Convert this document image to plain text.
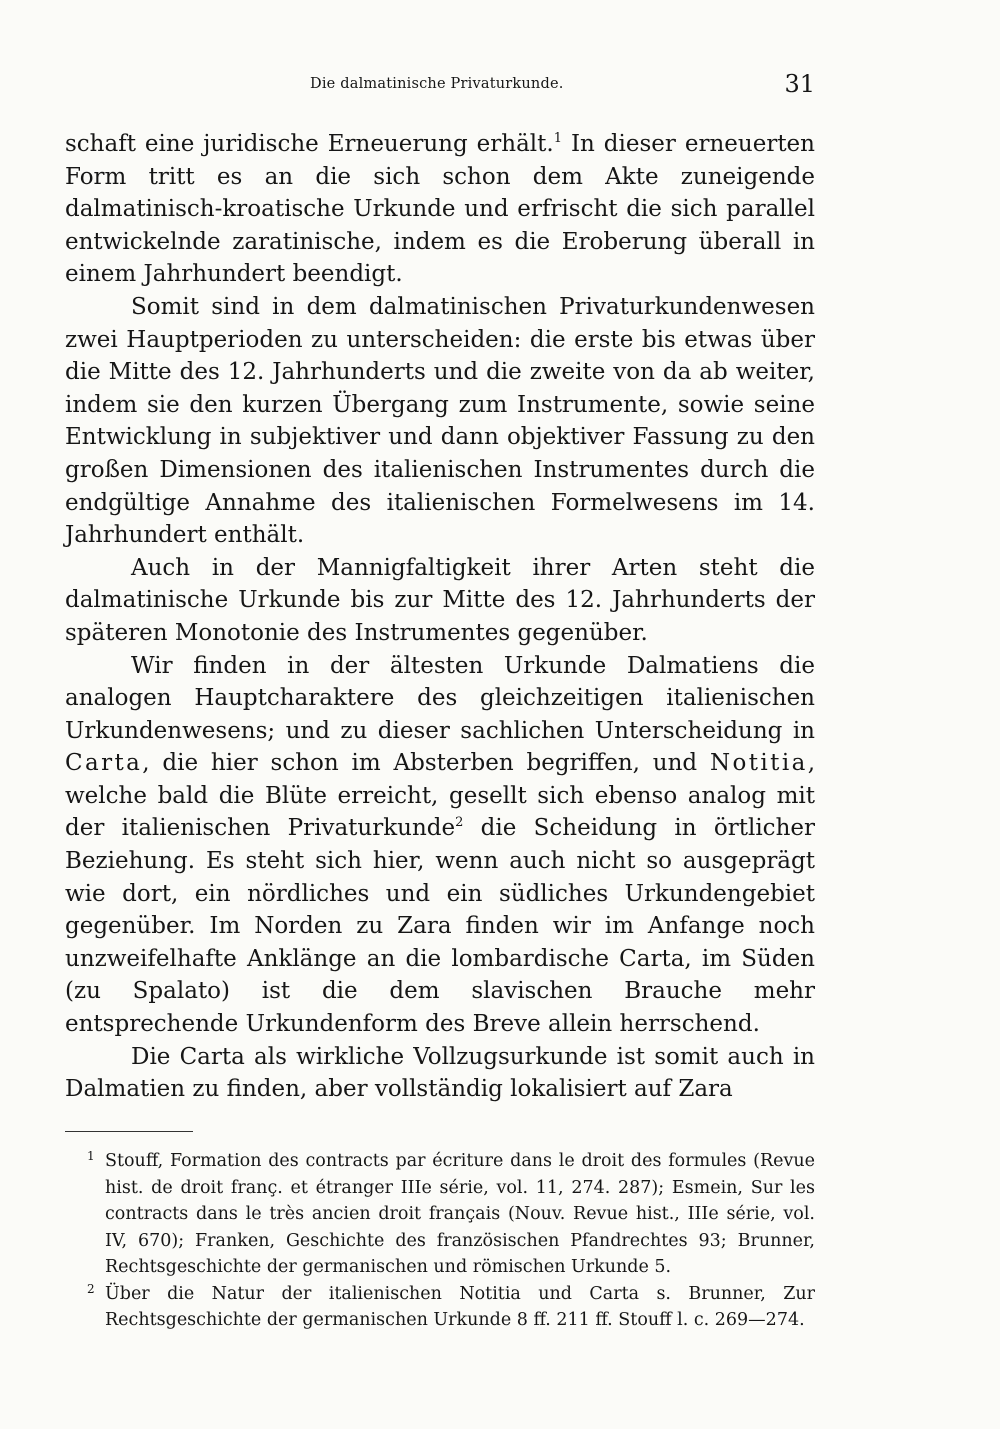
Die dalmatinische Privaturkunde.	31

schaft eine juridische Erneuerung erhält.$^1$ In dieser erneuerten Form tritt es an die sich schon dem Akte zuneigende dalmatinisch-kroatische Urkunde und erfrischt die sich parallel entwickelnde zaratinische, indem es die Eroberung überall in einem Jahrhundert beendigt.

Somit sind in dem dalmatinischen Privaturkundenwesen zwei Hauptperioden zu unterscheiden: die erste bis etwas über die Mitte des 12. Jahrhunderts und die zweite von da ab weiter, indem sie den kurzen Übergang zum Instrumente, sowie seine Entwicklung in subjektiver und dann objektiver Fassung zu den großen Dimensionen des italienischen Instrumentes durch die endgültige Annahme des italienischen Formelwesens im 14. Jahrhundert enthält.

Auch in der Mannigfaltigkeit ihrer Arten steht die dalmatinische Urkunde bis zur Mitte des 12. Jahrhunderts der späteren Monotonie des Instrumentes gegenüber.

Wir finden in der ältesten Urkunde Dalmatiens die analogen Hauptcharaktere des gleichzeitigen italienischen Urkundenwesens; und zu dieser sachlichen Unterscheidung in Carta, die hier schon im Absterben begriffen, und Notitia, welche bald die Blüte erreicht, gesellt sich ebenso analog mit der italienischen Privaturkunde$^2$ die Scheidung in örtlicher Beziehung. Es steht sich hier, wenn auch nicht so ausgeprägt wie dort, ein nördliches und ein südliches Urkundengebiet gegenüber. Im Norden zu Zara finden wir im Anfange noch unzweifelhafte Anklänge an die lombardische Carta, im Süden (zu Spalato) ist die dem slavischen Brauche mehr entsprechende Urkundenform des Breve allein herrschend.

Die Carta als wirkliche Vollzugsurkunde ist somit auch in Dalmatien zu finden, aber vollständig lokalisiert auf Zara

1 Stouff, Formation des contracts par écriture dans le droit des formules (Revue hist. de droit franç. et étranger IIIe série, vol. 11, 274. 287); Esmein, Sur les contracts dans le très ancien droit français (Nouv. Revue hist., IIIe série, vol. IV, 670); Franken, Geschichte des französischen Pfandrechtes 93; Brunner, Rechtsgeschichte der germanischen und römischen Urkunde 5.

2 Über die Natur der italienischen Notitia und Carta s. Brunner, Zur Rechtsgeschichte der germanischen Urkunde 8 ff. 211 ff. Stouff l. c. 269—274.
